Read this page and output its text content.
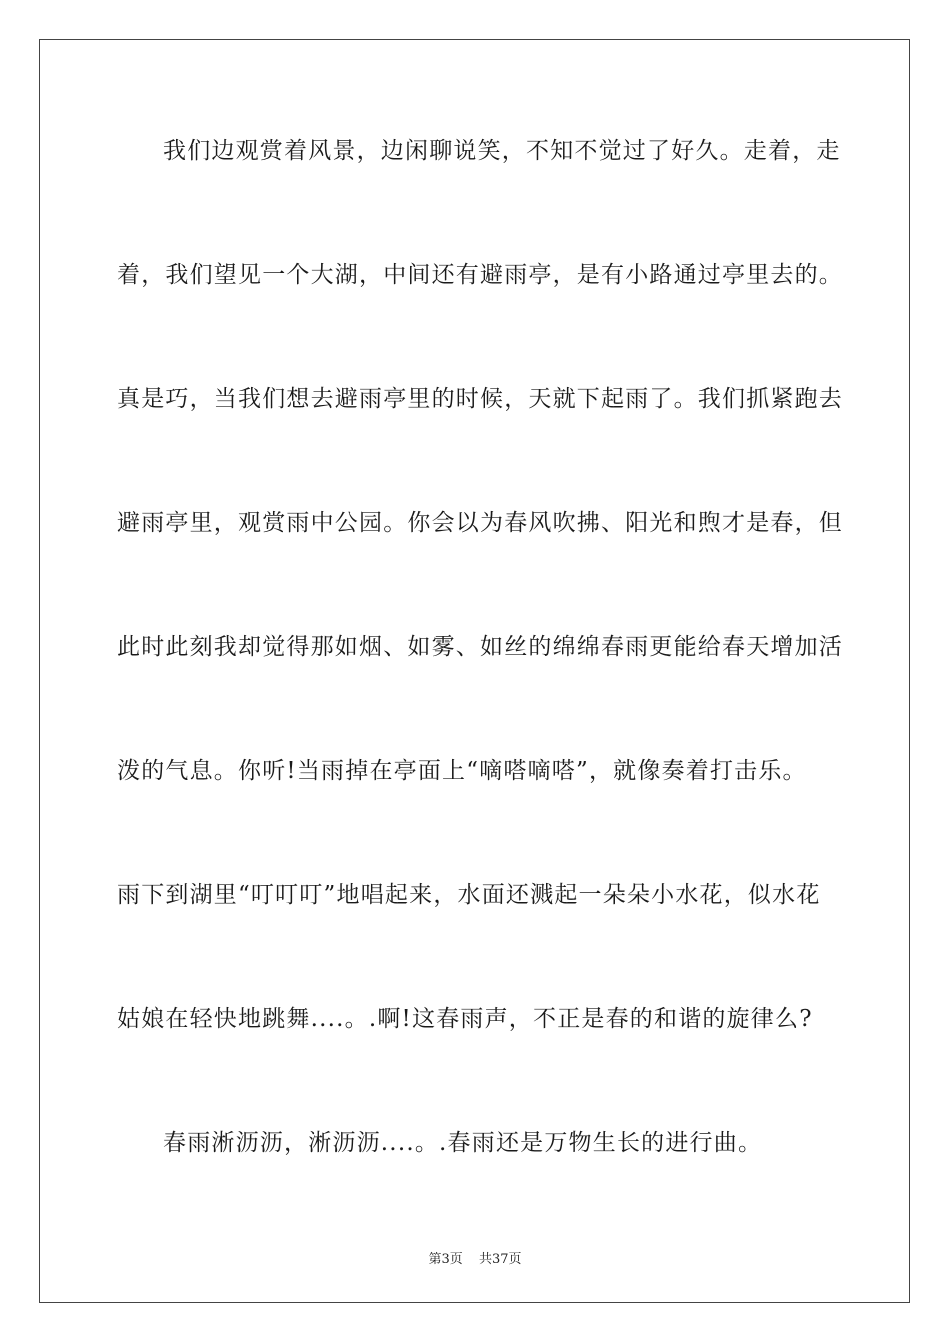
我们边观赏着风景，边闲聊说笑，不知不觉过了好久。走着，走
着，我们望见一个大湖，中间还有避雨亭，是有小路通过亭里去的。
真是巧，当我们想去避雨亭里的时候，天就下起雨了。我们抓紧跑去
避雨亭里，观赏雨中公园。你会以为春风吹拂、阳光和煦才是春，但
此时此刻我却觉得那如烟、如雾、如丝的绵绵春雨更能给春天增加活
泼的气息。你听!当雨掉在亭面上“嘀嗒嘀嗒”，就像奏着打击乐。
雨下到湖里“叮叮叮”地唱起来，水面还溅起一朵朵小水花，似水花
姑娘在轻快地跳舞....。.啊!这春雨声，不正是春的和谐的旋律么?
春雨淅沥沥，淅沥沥....。.春雨还是万物生长的进行曲。
第3页 共37页
